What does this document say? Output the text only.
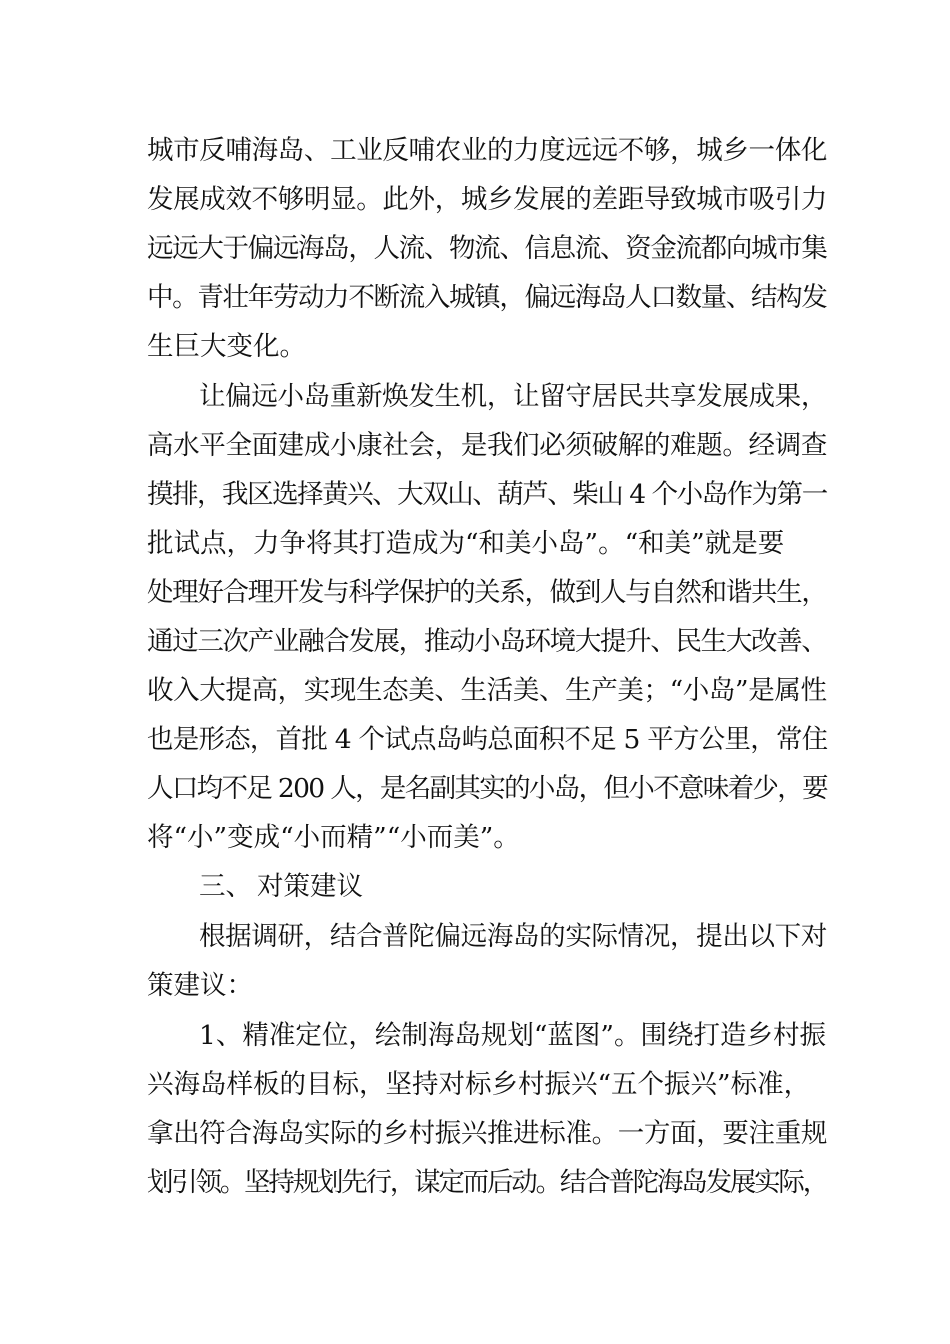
城市反哺海岛、工业反哺农业的力度远远不够，城乡一体化
发展成效不够明显。此外，城乡发展的差距导致城市吸引力
远远大于偏远海岛，人流、物流、信息流、资金流都向城市集
中。青壮年劳动力不断流入城镇，偏远海岛人口数量、结构发
生巨大变化。
让偏远小岛重新焕发生机，让留守居民共享发展成果，
高水平全面建成小康社会，是我们必须破解的难题。经调查
摸排，我区选择黄兴、大双山、葫芦、柴山 4 个小岛作为第一
批试点，力争将其打造成为“和美小岛”。“和美”就是要
处理好合理开发与科学保护的关系，做到人与自然和谐共生，
通过三次产业融合发展，推动小岛环境大提升、民生大改善、
收入大提高，实现生态美、生活美、生产美；“小岛”是属性
也是形态，首批 4 个试点岛屿总面积不足 5 平方公里，常住
人口均不足 200 人，是名副其实的小岛，但小不意味着少，要
将“小”变成“小而精”“小而美”。
三、 对策建议
根据调研，结合普陀偏远海岛的实际情况，提出以下对
策建议：
1、精准定位，绘制海岛规划“蓝图”。围绕打造乡村振
兴海岛样板的目标，坚持对标乡村振兴“五个振兴”标准，
拿出符合海岛实际的乡村振兴推进标准。一方面，要注重规
划引领。坚持规划先行，谋定而后动。结合普陀海岛发展实际，
